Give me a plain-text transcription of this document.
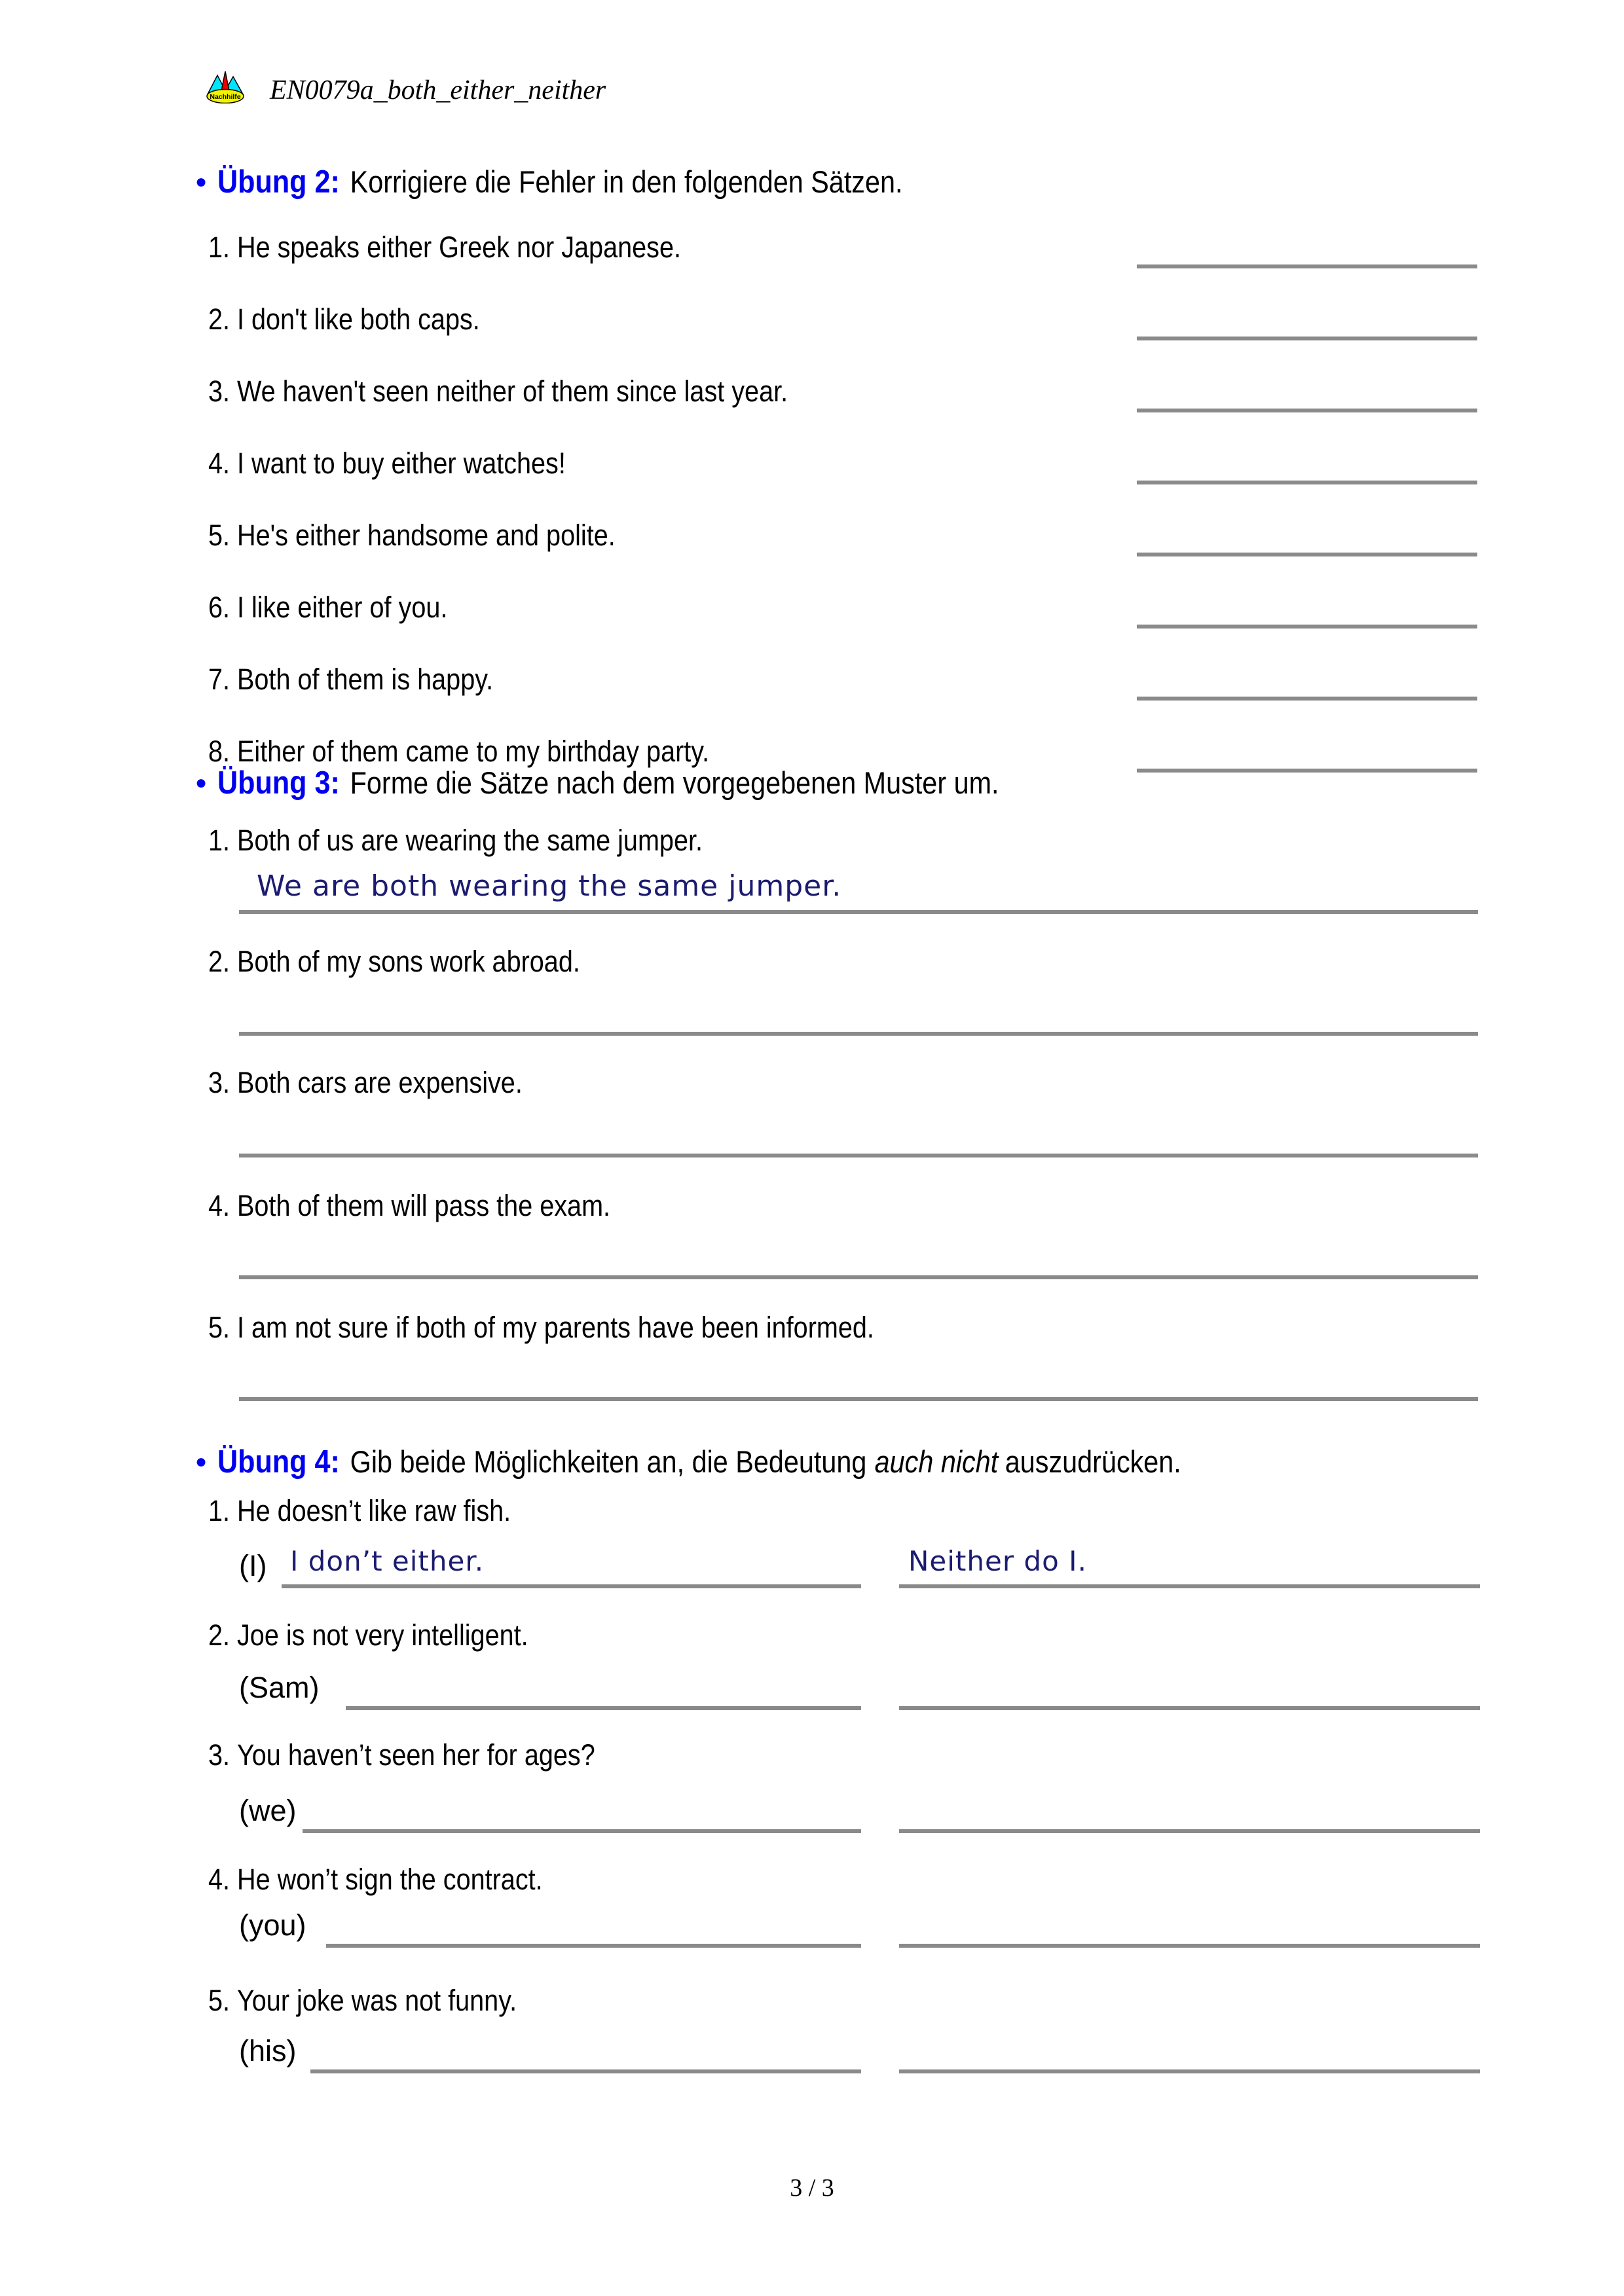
Nachhilfe EN0079a_both_either_neither
● Übung 2: Korrigiere die Fehler in den folgenden Sätzen.
1. He speaks either Greek nor Japanese.
2. I don't like both caps.
3. We haven't seen neither of them since last year.
4. I want to buy either watches!
5. He's either handsome and polite.
6. I like either of you.
7. Both of them is happy.
8. Either of them came to my birthday party.
● Übung 3: Forme die Sätze nach dem vorgegebenen Muster um.
1. Both of us are wearing the same jumper.
We are both wearing the same jumper.
2. Both of my sons work abroad.
3. Both cars are expensive.
4. Both of them will pass the exam.
5. I am not sure if both of my parents have been informed.
● Übung 4: Gib beide Möglichkeiten an, die Bedeutung auch nicht auszudrücken.
1. He doesn’t like raw fish.
(I) I don’t either.	Neither do I.
2. Joe is not very intelligent.
(Sam)
3. You haven’t seen her for ages?
(we)
4. He won’t sign the contract.
(you)
5. Your joke was not funny.
(his)
3 / 3
